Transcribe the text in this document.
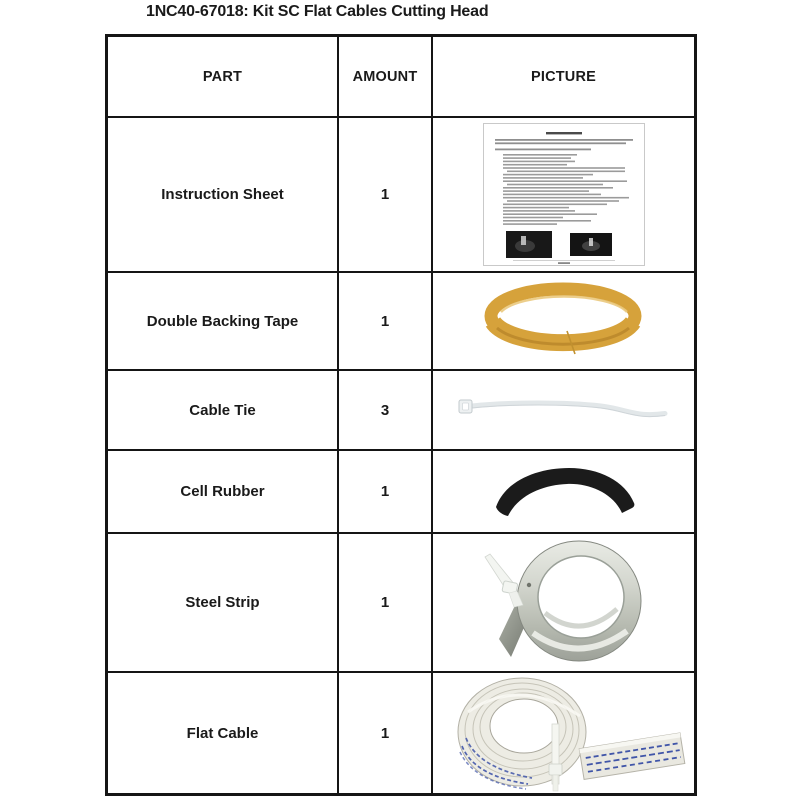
1NC40-67018: Kit SC Flat Cables Cutting Head
PART	AMOUNT	PICTURE
Instruction Sheet	1
Double Backing Tape	1
Cable Tie	3
Cell Rubber	1
Steel Strip	1
Flat Cable	1
